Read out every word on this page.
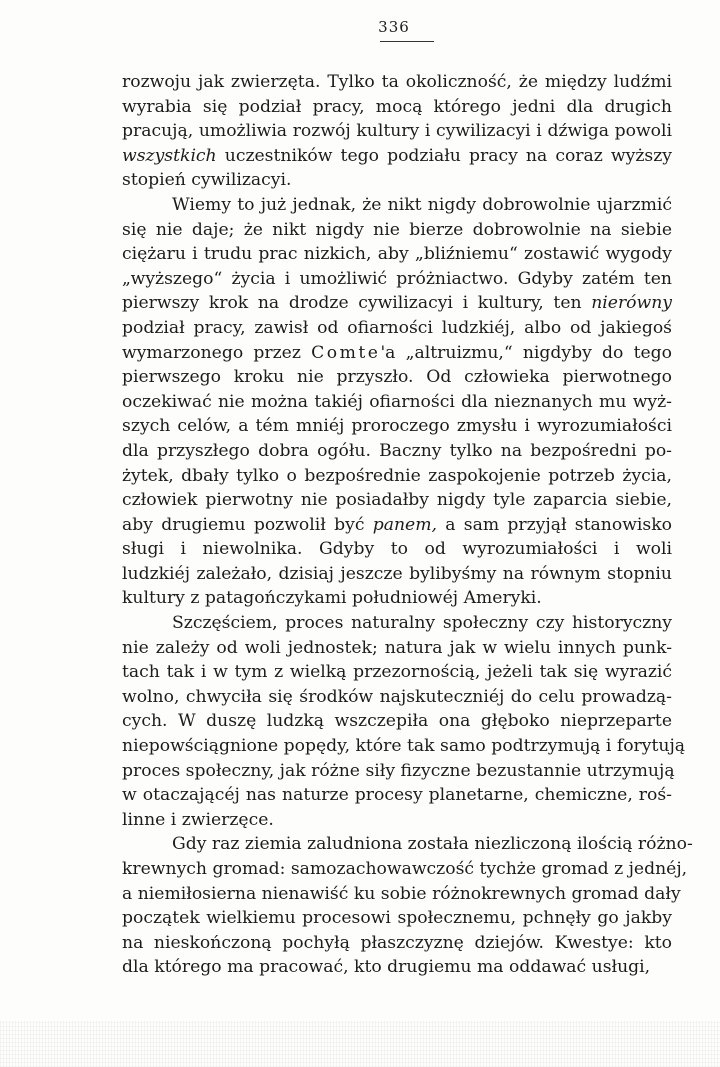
336
rozwoju jak zwierzęta. Tylko ta okoliczność, że między ludźmi
wyrabia się podział pracy, mocą którego jedni dla drugich
pracują, umożliwia rozwój kultury i cywilizacyi i dźwiga powoli
wszystkich uczestników tego podziału pracy na coraz wyższy
stopień cywilizacyi.
Wiemy to już jednak, że nikt nigdy dobrowolnie ujarzmić
się nie daje; że nikt nigdy nie bierze dobrowolnie na siebie
ciężaru i trudu prac nizkich, aby „bliźniemu“ zostawić wygody
„wyższego“ życia i umożliwić próżniactwo. Gdyby zatém ten
pierwszy krok na drodze cywilizacyi i kultury, ten nierówny
podział pracy, zawisł od ofiarności ludzkiéj, albo od jakiegoś
wymarzonego przez Comte'a „altruizmu,“ nigdyby do tego
pierwszego kroku nie przyszło. Od człowieka pierwotnego
oczekiwać nie można takiéj ofiarności dla nieznanych mu wyż-
szych celów, a tém mniéj proroczego zmysłu i wyrozumiałości
dla przyszłego dobra ogółu. Baczny tylko na bezpośredni po-
żytek, dbały tylko o bezpośrednie zaspokojenie potrzeb życia,
człowiek pierwotny nie posiadałby nigdy tyle zaparcia siebie,
aby drugiemu pozwolił być panem, a sam przyjął stanowisko
sługi i niewolnika. Gdyby to od wyrozumiałości i woli
ludzkiéj zależało, dzisiaj jeszcze bylibyśmy na równym stopniu
kultury z patagończykami południowéj Ameryki.
Szczęściem, proces naturalny społeczny czy historyczny
nie zależy od woli jednostek; natura jak w wielu innych punk-
tach tak i w tym z wielką przezornością, jeżeli tak się wyrazić
wolno, chwyciła się środków najskuteczniéj do celu prowadzą-
cych. W duszę ludzką wszczepiła ona głęboko nieprzeparte
niepowściągnione popędy, które tak samo podtrzymują i forytują
proces społeczny, jak różne siły fizyczne bezustannie utrzymują
w otaczającéj nas naturze procesy planetarne, chemiczne, roś-
linne i zwierzęce.
Gdy raz ziemia zaludniona została niezliczoną ilością różno-
krewnych gromad: samozachowawczość tychże gromad z jednéj,
a niemiłosierna nienawiść ku sobie różnokrewnych gromad dały
początek wielkiemu procesowi społecznemu, pchnęły go jakby
na nieskończoną pochyłą płaszczyznę dziejów. Kwestye: kto
dla którego ma pracować, kto drugiemu ma oddawać usługi,
